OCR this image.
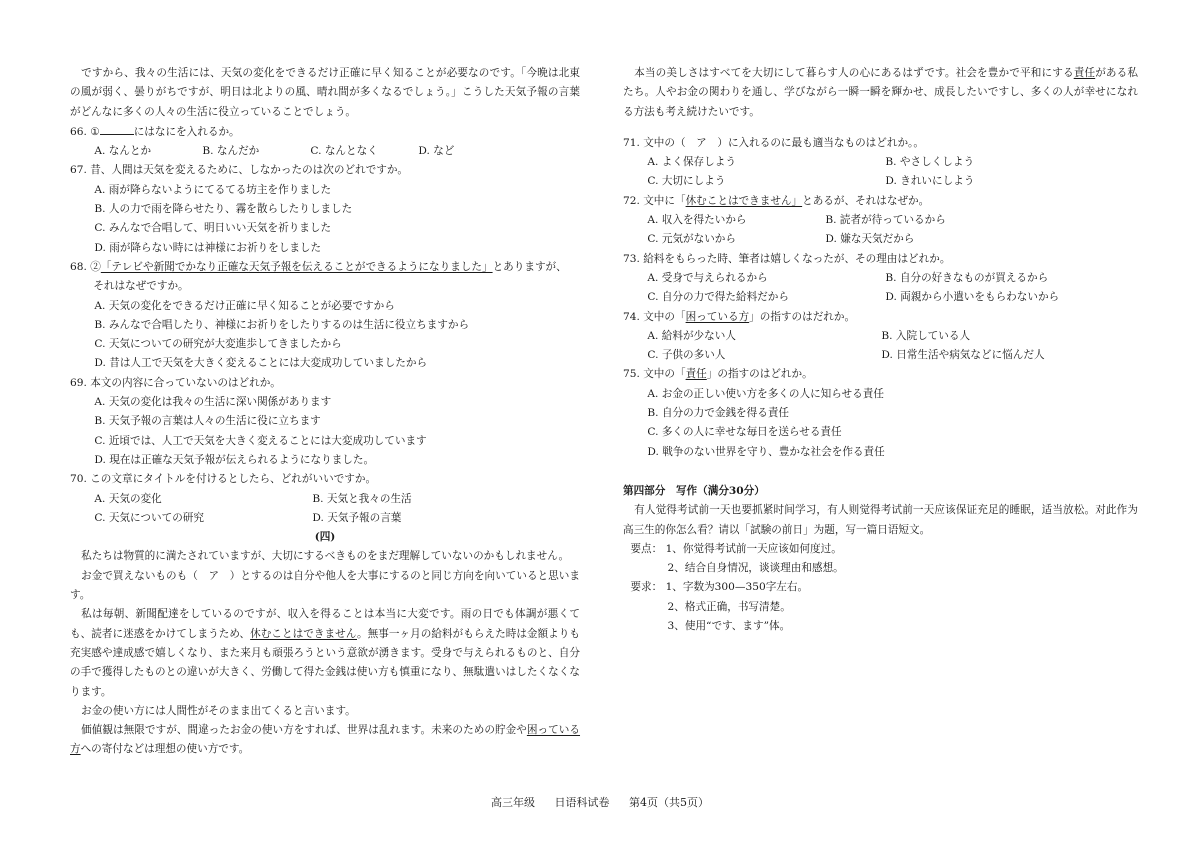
ですから、我々の生活には、天気の変化をできるだけ正確に早く知ることが必要なのです。「今晩は北東の風が弱く、曇りがちですが、明日は北よりの風、晴れ間が多くなるでしょう。」こうした天気予報の言葉がどんなに多くの人々の生活に役立っていることでしょう。

66. ①	にはなにを入れるか。

A. なんとか	B. なんだか	C. なんとなく	D. など

67. 昔、人間は天気を変えるために、しなかったのは次のどれですか。

A. 雨が降らないようにてるてる坊主を作りました

B. 人の力で雨を降らせたり、霧を散らしたりしました

C. みんなで合唱して、明日いい天気を祈りました

D. 雨が降らない時には神様にお祈りをしました

68. ②「テレビや新聞でかなり正確な天気予報を伝えることができるようになりました」とありますが、

それはなぜですか。

A. 天気の変化をできるだけ正確に早く知ることが必要ですから

B. みんなで合唱したり、神様にお祈りをしたりするのは生活に役立ちますから

C. 天気についての研究が大変進歩してきましたから

D. 昔は人工で天気を大きく変えることには大変成功していましたから

69. 本文の内容に合っていないのはどれか。

A. 天気の変化は我々の生活に深い関係があります

B. 天気予報の言葉は人々の生活に役に立ちます

C. 近頃では、人工で天気を大きく変えることには大変成功しています

D. 現在は正確な天気予報が伝えられるようになりました。

70. この文章にタイトルを付けるとしたら、どれがいいですか。

A. 天気の変化	B. 天気と我々の生活
C. 天気についての研究	D. 天気予報の言葉

(四)

私たちは物質的に満たされていますが、大切にするべきものをまだ理解していないのかもしれません。

お金で買えないものも（　ア　）とするのは自分や他人を大事にするのと同じ方向を向いていると思います。

私は毎朝、新聞配達をしているのですが、収入を得ることは本当に大変です。雨の日でも体調が悪くても、読者に迷惑をかけてしまうため、休むことはできません。無事一ヶ月の給料がもらえた時は金額よりも充実感や達成感で嬉しくなり、また来月も頑張ろうという意欲が湧きます。受身で与えられるものと、自分の手で獲得したものとの違いが大きく、労働して得た金銭は使い方も慎重になり、無駄遣いはしたくなくなります。

お金の使い方には人間性がそのまま出てくると言います。

価値観は無限ですが、間違ったお金の使い方をすれば、世界は乱れます。未来のための貯金や困っている方への寄付などは理想の使い方です。

本当の美しさはすべてを大切にして暮らす人の心にあるはずです。社会を豊かで平和にする責任がある私たち。人やお金の関わりを通し、学びながら一瞬一瞬を輝かせ、成長したいですし、多くの人が幸せになれる方法も考え続けたいです。

71. 文中の（　ア　）に入れるのに最も適当なものはどれか。。

A. よく保存しよう	B. やさしくしよう
C. 大切にしよう	D. きれいにしよう

72. 文中に「休むことはできません」とあるが、それはなぜか。

A. 収入を得たいから	B. 読者が待っているから
C. 元気がないから	D. 嫌な天気だから

73. 給料をもらった時、筆者は嬉しくなったが、その理由はどれか。

A. 受身で与えられるから	B. 自分の好きなものが買えるから
C. 自分の力で得た給料だから	D. 両親から小遣いをもらわないから

74. 文中の「困っている方」の指すのはだれか。

A. 給料が少ない人	B. 入院している人
C. 子供の多い人	D. 日常生活や病気などに悩んだ人

75. 文中の「責任」の指すのはどれか。

A. お金の正しい使い方を多くの人に知らせる責任

B. 自分の力で金銭を得る責任

C. 多くの人に幸せな毎日を送らせる責任

D. 戦争のない世界を守り、豊かな社会を作る責任

第四部分　写作（满分30分）

有人觉得考试前一天也要抓紧时间学习，有人则觉得考试前一天应该保证充足的睡眠，适当放松。对此作为高三生的你怎么看？请以「試験の前日」为题，写一篇日语短文。

要点： 1、你觉得考试前一天应该如何度过。

2、结合自身情况，谈谈理由和感想。

要求： 1、字数为300—350字左右。

2、格式正确，书写清楚。

3、使用“です、ます”体。

高三年级 日语科试卷 第4页（共5页）
